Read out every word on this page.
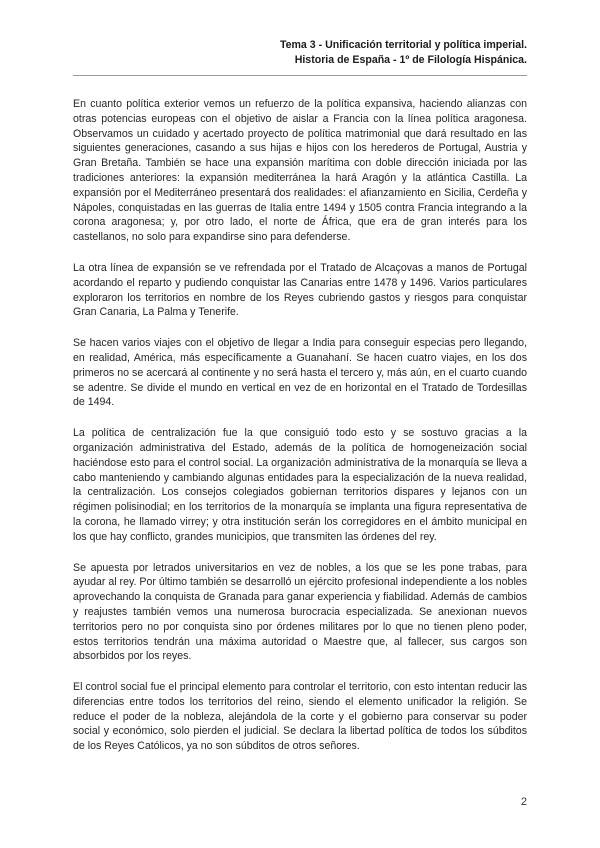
Tema 3 - Unificación territorial y política imperial.
Historia de España - 1º de Filología Hispánica.

En cuanto política exterior vemos un refuerzo de la política expansiva, haciendo alianzas con otras potencias europeas con el objetivo de aislar a Francia con la línea política aragonesa. Observamos un cuidado y acertado proyecto de política matrimonial que dará resultado en las siguientes generaciones, casando a sus hijas e hijos con los herederos de Portugal, Austria y Gran Bretaña. También se hace una expansión marítima con doble dirección iniciada por las tradiciones anteriores: la expansión mediterránea la hará Aragón y la atlántica Castilla. La expansión por el Mediterráneo presentará dos realidades: el afianzamiento en Sicilia, Cerdeña y Nápoles, conquistadas en las guerras de Italia entre 1494 y 1505 contra Francia integrando a la corona aragonesa; y, por otro lado, el norte de África, que era de gran interés para los castellanos, no solo para expandirse sino para defenderse.

La otra línea de expansión se ve refrendada por el Tratado de Alcaçovas a manos de Portugal acordando el reparto y pudiendo conquistar las Canarias entre 1478 y 1496. Varios particulares exploraron los territorios en nombre de los Reyes cubriendo gastos y riesgos para conquistar Gran Canaria, La Palma y Tenerife.

Se hacen varios viajes con el objetivo de llegar a India para conseguir especias pero llegando, en realidad, América, más específicamente a Guanahaní. Se hacen cuatro viajes, en los dos primeros no se acercará al continente y no será hasta el tercero y, más aún, en el cuarto cuando se adentre. Se divide el mundo en vertical en vez de en horizontal en el Tratado de Tordesillas de 1494.

La política de centralización fue la que consiguió todo esto y se sostuvo gracias a la organización administrativa del Estado, además de la política de homogeneización social haciéndose esto para el control social. La organización administrativa de la monarquía se lleva a cabo manteniendo y cambiando algunas entidades para la especialización de la nueva realidad, la centralización. Los consejos colegiados gobiernan territorios dispares y lejanos con un régimen polisinodial; en los territorios de la monarquía se implanta una figura representativa de la corona, he llamado virrey; y otra institución serán los corregidores en el ámbito municipal en los que hay conflicto, grandes municipios, que transmiten las órdenes del rey.

Se apuesta por letrados universitarios en vez de nobles, a los que se les pone trabas, para ayudar al rey. Por último también se desarrolló un ejército profesional independiente a los nobles aprovechando la conquista de Granada para ganar experiencia y fiabilidad. Además de cambios y reajustes también vemos una numerosa burocracia especializada. Se anexionan nuevos territorios pero no por conquista sino por órdenes militares por lo que no tienen pleno poder, estos territorios tendrán una máxima autoridad o Maestre que, al fallecer, sus cargos son absorbidos por los reyes.

El control social fue el principal elemento para controlar el territorio, con esto intentan reducir las diferencias entre todos los territorios del reino, siendo el elemento unificador la religión. Se reduce el poder de la nobleza, alejándola de la corte y el gobierno para conservar su poder social y económico, solo pierden el judicial. Se declara la libertad política de todos los súbditos de los Reyes Católicos, ya no son súbditos de otros señores.

2
